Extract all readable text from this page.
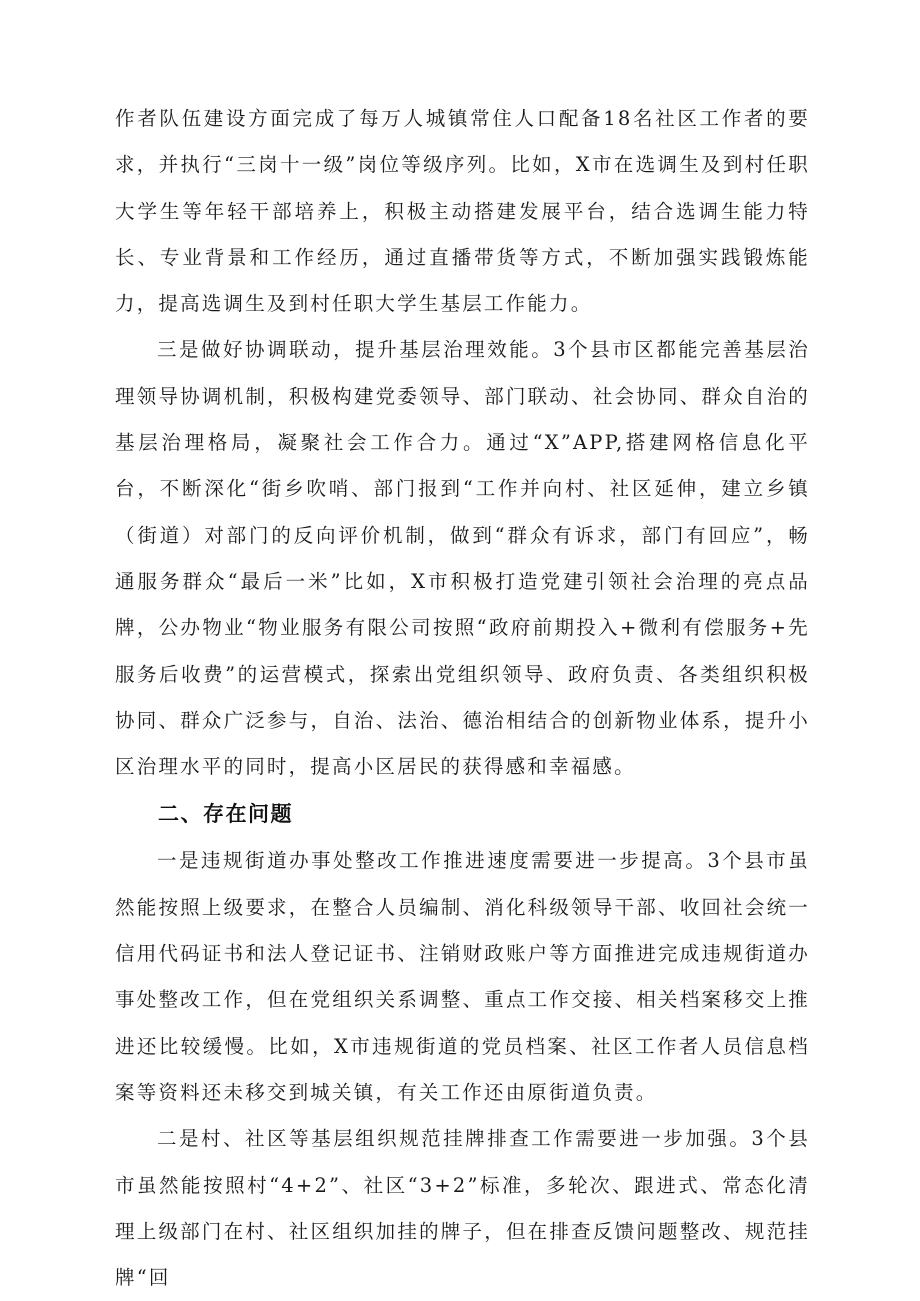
作者队伍建设方面完成了每万人城镇常住人口配备18名社区工作者的要求，并执行“三岗十一级”岗位等级序列。比如，X市在选调生及到村任职大学生等年轻干部培养上，积极主动搭建发展平台，结合选调生能力特长、专业背景和工作经历，通过直播带货等方式，不断加强实践锻炼能力，提高选调生及到村任职大学生基层工作能力。

三是做好协调联动，提升基层治理效能。3个县市区都能完善基层治理领导协调机制，积极构建党委领导、部门联动、社会协同、群众自治的基层治理格局，凝聚社会工作合力。通过“X”APP,搭建网格信息化平台，不断深化“街乡吹哨、部门报到“工作并向村、社区延伸，建立乡镇（街道）对部门的反向评价机制，做到“群众有诉求，部门有回应”，畅通服务群众“最后一米”比如，X市积极打造党建引领社会治理的亮点品牌，公办物业“物业服务有限公司按照“政府前期投入+微利有偿服务+先服务后收费”的运营模式，探索出党组织领导、政府负责、各类组织积极协同、群众广泛参与，自治、法治、德治相结合的创新物业体系，提升小区治理水平的同时，提高小区居民的获得感和幸福感。

二、存在问题

一是违规街道办事处整改工作推进速度需要进一步提高。3个县市虽然能按照上级要求，在整合人员编制、消化科级领导干部、收回社会统一信用代码证书和法人登记证书、注销财政账户等方面推进完成违规街道办事处整改工作，但在党组织关系调整、重点工作交接、相关档案移交上推进还比较缓慢。比如，X市违规街道的党员档案、社区工作者人员信息档案等资料还未移交到城关镇，有关工作还由原街道负责。

二是村、社区等基层组织规范挂牌排查工作需要进一步加强。3个县市虽然能按照村“4+2”、社区“3+2”标准，多轮次、跟进式、常态化清理上级部门在村、社区组织加挂的牌子，但在排查反馈问题整改、规范挂牌“回
